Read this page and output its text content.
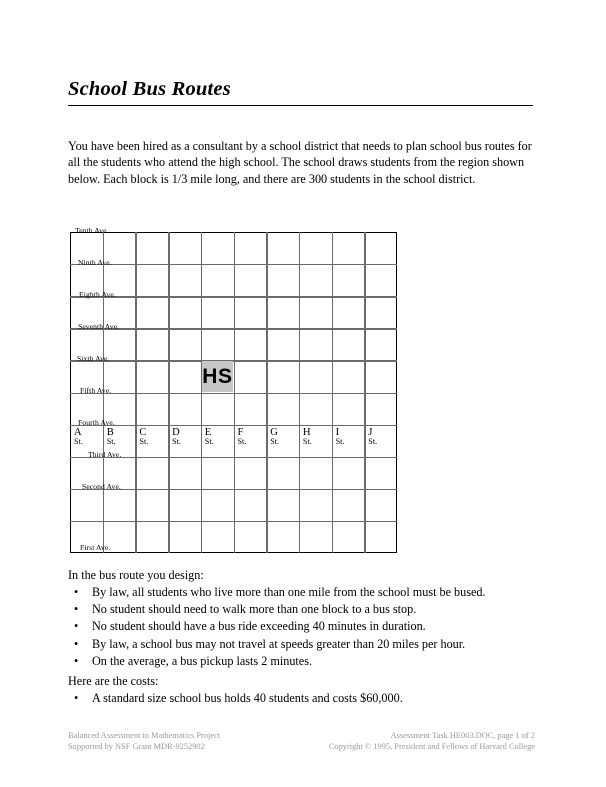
School Bus Routes
You have been hired as a consultant by a school district that needs to plan school bus routes for all the students who attend the high school. The school draws students from the region shown below. Each block is 1/3 mile long, and there are 300 students in the school district.
HS
Tenth Ave.
Ninth Ave.
Eighth Ave.
Seventh Ave.
Sixth Ave.
Fifth Ave.
Fourth Ave.
Third Ave.
Second Ave.
First Ave.
A
St.
B
St.
C
St.
D
St.
E
St.
F
St.
G
St.
H
St.
I
St.
J
St.
In the bus route you design:
• By law, all students who live more than one mile from the school must be bused.
• No student should need to walk more than one block to a bus stop.
• No student should have a bus ride exceeding 40 minutes in duration.
• By law, a school bus may not travel at speeds greater than 20 miles per hour.
• On the average, a bus pickup lasts 2 minutes.
Here are the costs:
• A standard size school bus holds 40 students and costs $60,000.
Balanced Assessment in Mathematics Project
Supported by NSF Grant MDR-9252902
Assessment Task HE003.DOC, page 1 of 2
Copyright © 1995, President and Fellows of Harvard College
